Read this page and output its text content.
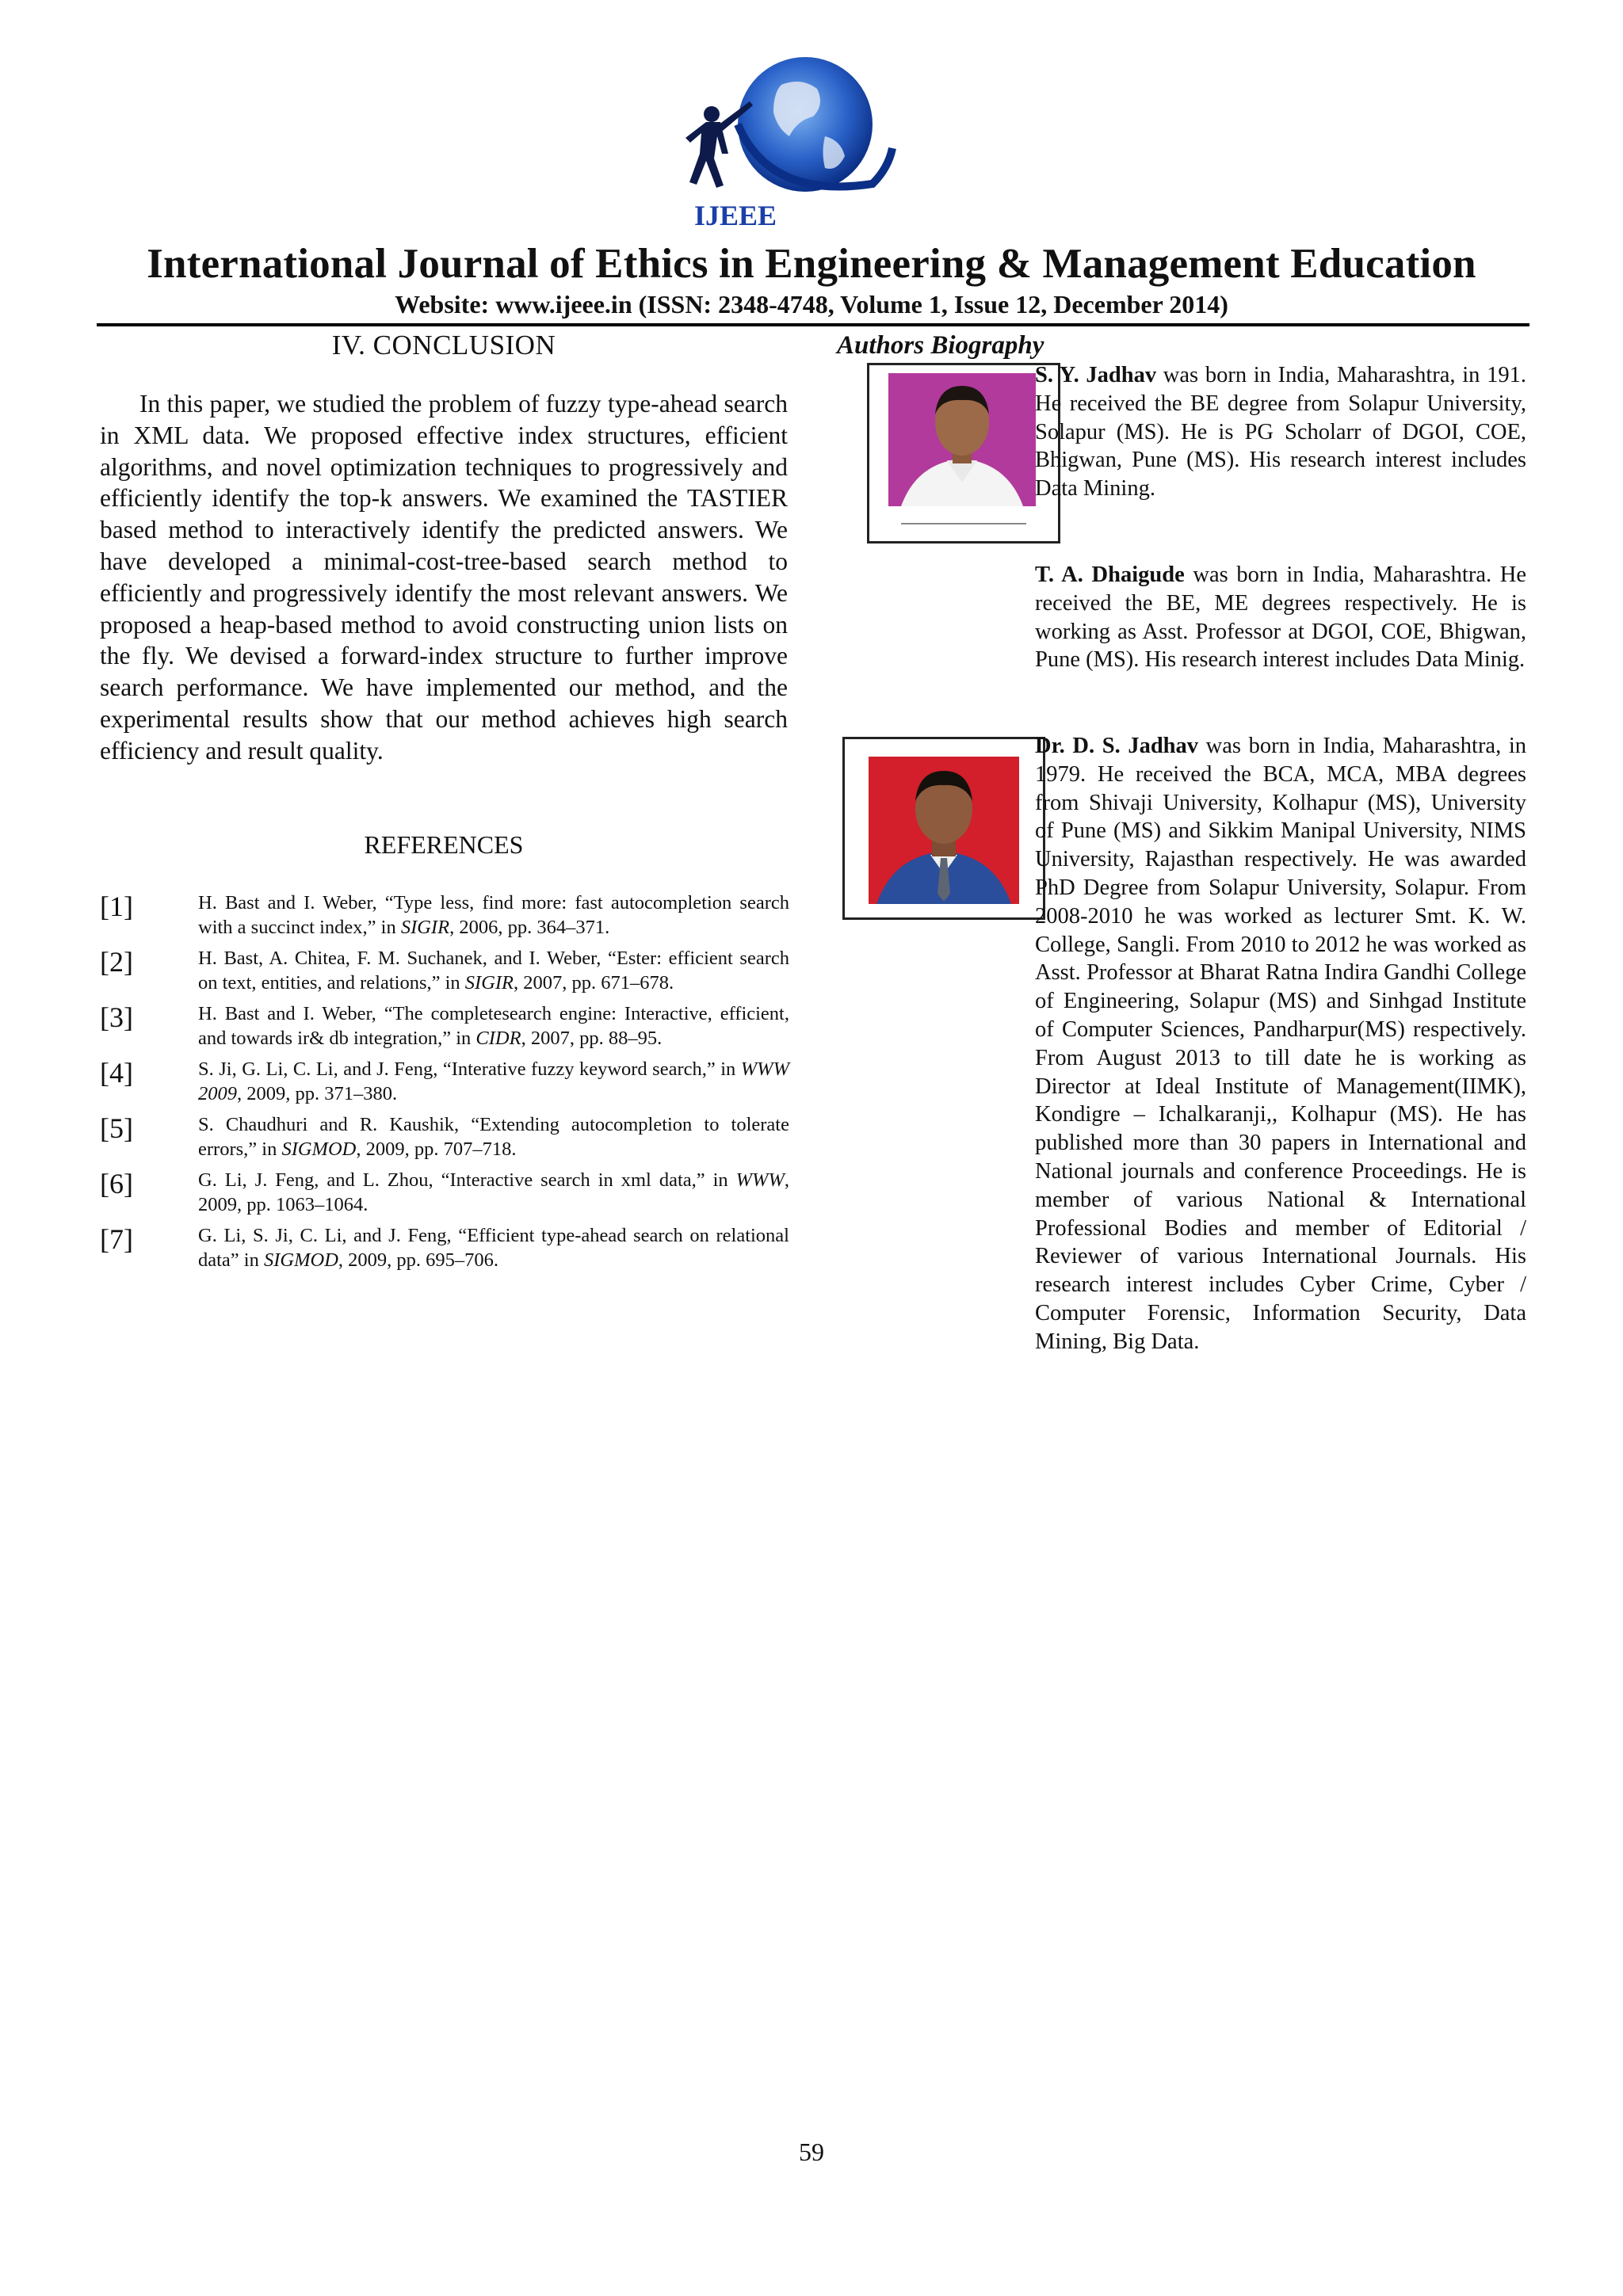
IJEEE
International Journal of Ethics in Engineering & Management Education
Website: www.ijeee.in (ISSN: 2348-4748, Volume 1, Issue 12, December 2014)
IV. CONCLUSION

In this paper, we studied the problem of fuzzy type-ahead search in XML data. We proposed effective index structures, efficient algorithms, and novel optimization techniques to progressively and efficiently identify the top-k answers. We examined the TASTIER based method to interactively identify the predicted answers. We have developed a minimal-cost-tree-based search method to efficiently and progressively identify the most relevant answers. We proposed a heap-based method to avoid constructing union lists on the fly. We devised a forward-index structure to further improve search performance. We have implemented our method, and the experimental results show that our method achieves high search efficiency and result quality.

REFERENCES
[1]	H. Bast and I. Weber, “Type less, find more: fast autocompletion search with a succinct index,” in SIGIR, 2006, pp. 364–371.
[2]	H. Bast, A. Chitea, F. M. Suchanek, and I. Weber, “Ester: efficient search on text, entities, and relations,” in SIGIR, 2007, pp. 671–678.
[3]	H. Bast and I. Weber, “The completesearch engine: Interactive, efficient, and towards ir& db integration,” in CIDR, 2007, pp. 88–95.
[4]	S. Ji, G. Li, C. Li, and J. Feng, “Interative fuzzy keyword search,” in WWW 2009, 2009, pp. 371–380.
[5]	S. Chaudhuri and R. Kaushik, “Extending autocompletion to tolerate errors,” in SIGMOD, 2009, pp. 707–718.
[6]	G. Li, J. Feng, and L. Zhou, “Interactive search in xml data,” in WWW, 2009, pp. 1063–1064.
[7]	G. Li, S. Ji, C. Li, and J. Feng, “Efficient type-ahead search on relational data” in SIGMOD, 2009, pp. 695–706.
Authors Biography

S. Y. Jadhav was born in India, Maharashtra, in 191. He received the BE degree from Solapur University, Solapur (MS). He is PG Scholarr of DGOI, COE, Bhigwan, Pune (MS). His research interest includes Data Mining.

T. A. Dhaigude was born in India, Maharashtra. He received the BE, ME degrees respectively. He is working as Asst. Professor at DGOI, COE, Bhigwan, Pune (MS). His research interest includes Data Minig.

Dr. D. S. Jadhav was born in India, Maharashtra, in 1979. He received the BCA, MCA, MBA degrees from Shivaji University, Kolhapur (MS), University of Pune (MS) and Sikkim Manipal University, NIMS University, Rajasthan respectively. He was awarded PhD Degree from Solapur University, Solapur. From 2008-2010 he was worked as lecturer Smt. K. W. College, Sangli. From 2010 to 2012 he was worked as Asst. Professor at Bharat Ratna Indira Gandhi College of Engineering, Solapur (MS) and Sinhgad Institute of Computer Sciences, Pandharpur(MS) respectively. From August 2013 to till date he is working as Director at Ideal Institute of Management(IIMK), Kondigre – Ichalkaranji,, Kolhapur (MS). He has published more than 30 papers in International and National journals and conference Proceedings. He is member of various National & International Professional Bodies and member of Editorial / Reviewer of various International Journals. His research interest includes Cyber Crime, Cyber / Computer Forensic, Information Security, Data Mining, Big Data.

59
